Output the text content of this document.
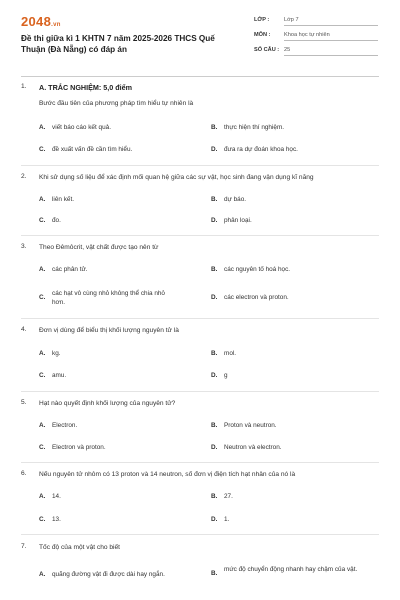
2048.vn
Đề thi giữa kì 1 KHTN 7 năm 2025-2026 THCS Quế Thuận (Đà Nẵng) có đáp án
LỚP :	Lớp 7
MÔN : Khoa học tự nhiên
SỐ CÂU : 25
1. A. TRẮC NGHIỆM: 5,0 điểm
Bước đầu tiên của phương pháp tìm hiểu tự nhiên là
A. viết báo cáo kết quả.	B. thực hiện thí nghiệm.
C. đề xuất vấn đề cần tìm hiểu.	D. đưa ra dự đoán khoa học.
2. Khi sử dụng số liệu để xác định mối quan hệ giữa các sự vật, học sinh đang vận dụng kĩ năng
A. liên kết.	B. dự báo.
C. đo.	D. phân loại.
3. Theo Đêmôcrit, vật chất được tạo nên từ
A. các phân tử.	B. các nguyên tố hoá học.
C.
các hạt vô cùng nhỏ không thể chia nhỏ hơn.
D. các electron và proton.
4. Đơn vị dùng để biểu thị khối lượng nguyên tử là
A. kg.	B. mol.
C. amu.	D. g
5. Hạt nào quyết định khối lượng của nguyên tử?
A. Electron.	B. Proton và neutron.
C. Electron và proton.	D. Neutron và electron.
6. Nếu nguyên tử nhôm có 13 proton và 14 neutron, số đơn vị điện tích hạt nhân của nó là
A. 14.	B. 27.
C. 13.	D. 1.
7. Tốc độ của một vật cho biết
A. quãng đường vật đi được dài hay ngắn.	B.
mức độ chuyển động nhanh hay chậm của vật.
